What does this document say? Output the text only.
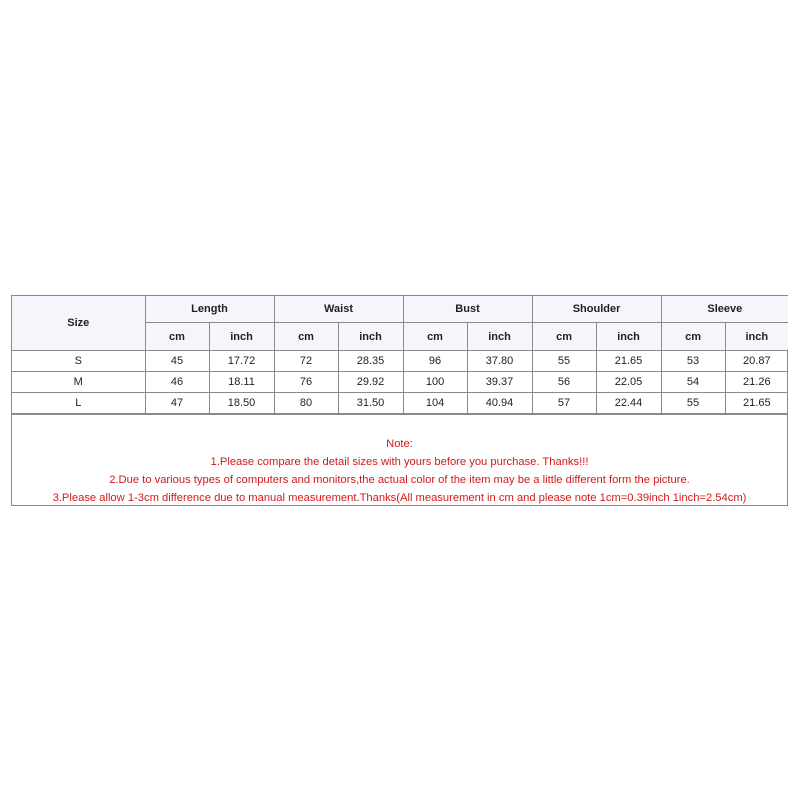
Size	Length		Waist		Bust		Shoulder		Sleeve	
	cm	inch	cm	inch	cm	inch	cm	inch	cm	inch
S	45	17.72	72	28.35	96	37.80	55	21.65	53	20.87
M	46	18.11	76	29.92	100	39.37	56	22.05	54	21.26
L	47	18.50	80	31.50	104	40.94	57	22.44	55	21.65
Note:
1.Please compare the detail sizes with yours before you purchase. Thanks!!!
2.Due to various types of computers and monitors,the actual color of the item may be a little different form the picture.
3.Please allow 1-3cm difference due to manual measurement.Thanks(All measurement in cm and please note 1cm=0.39inch 1inch=2.54cm)
